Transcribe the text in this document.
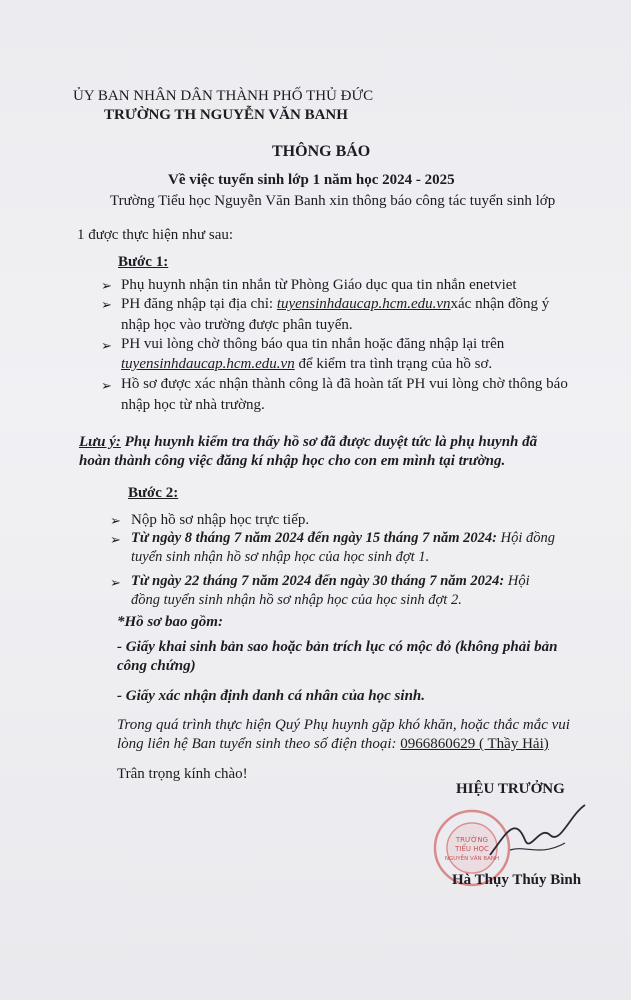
ỦY BAN NHÂN DÂN THÀNH PHỐ THỦ ĐỨC
TRƯỜNG TH NGUYỄN VĂN BANH
THÔNG BÁO
Về việc tuyển sinh lớp 1 năm học 2024 - 2025
Trường Tiểu học Nguyễn Văn Banh xin thông báo công tác tuyển sinh lớp
1 được thực hiện như sau:
Bước 1:
➢ Phụ huynh nhận tin nhắn từ Phòng Giáo dục qua tin nhắn enetviet
➢ PH đăng nhập tại địa chỉ: tuyensinhdaucap.hcm.edu.vnxác nhận đồng ý
nhập học vào trường được phân tuyến.
➢ PH vui lòng chờ thông báo qua tin nhắn hoặc đăng nhập lại trên
tuyensinhdaucap.hcm.edu.vn để kiểm tra tình trạng của hồ sơ.
➢ Hồ sơ được xác nhận thành công là đã hoàn tất PH vui lòng chờ thông báo
nhập học từ nhà trường.
Lưu ý: Phụ huynh kiểm tra thấy hồ sơ đã được duyệt tức là phụ huynh đã
hoàn thành công việc đăng kí nhập học cho con em mình tại trường.
Bước 2:
➢ Nộp hồ sơ nhập học trực tiếp.
➢ Từ ngày 8 tháng 7 năm 2024 đến ngày 15 tháng 7 năm 2024: Hội đồng
tuyển sinh nhận hồ sơ nhập học của học sinh đợt 1.
➢ Từ ngày 22 tháng 7 năm 2024 đến ngày 30 tháng 7 năm 2024: Hội
đồng tuyển sinh nhận hồ sơ nhập học của học sinh đợt 2.
*Hồ sơ bao gồm:
- Giấy khai sinh bản sao hoặc bản trích lục có mộc đỏ (không phải bản
công chứng)
- Giấy xác nhận định danh cá nhân của học sinh.
Trong quá trình thực hiện Quý Phụ huynh gặp khó khăn, hoặc thắc mắc vui
lòng liên hệ Ban tuyển sinh theo số điện thoại: 0966860629 ( Thầy Hải)
Trân trọng kính chào!
HIỆU TRƯỞNG
TRƯỜNG
TIỂU HỌC
NGUYỄN VĂN BANH
Hà Thụy Thúy Bình
